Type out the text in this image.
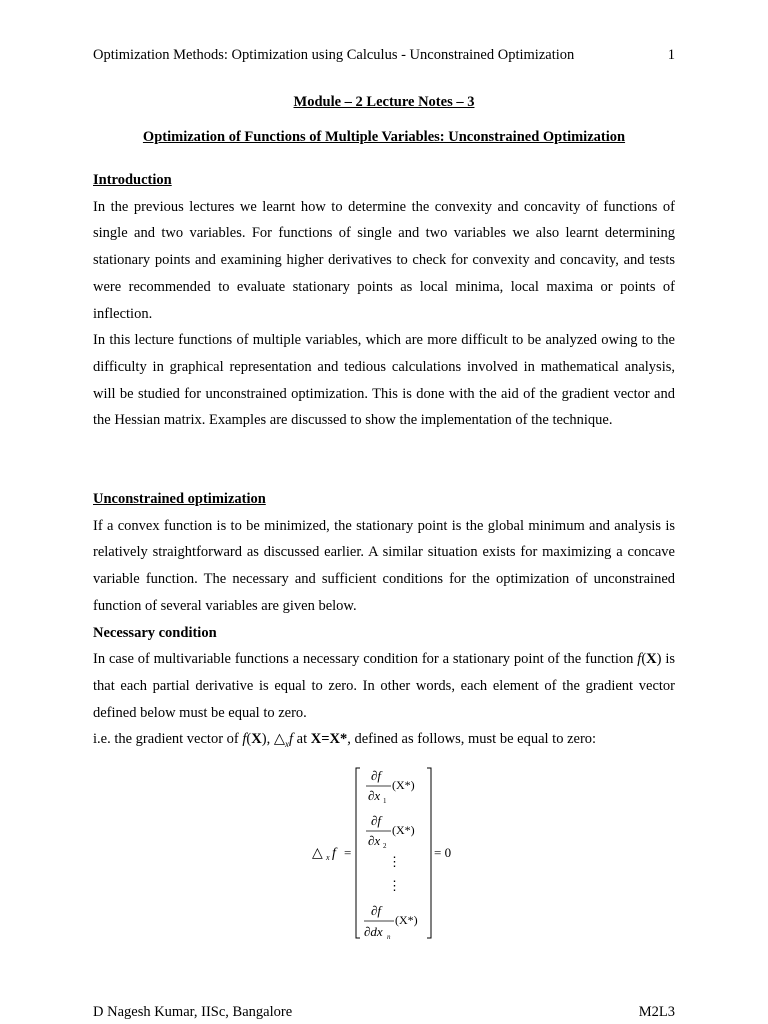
Optimization Methods: Optimization using Calculus - Unconstrained Optimization	1
Module – 2 Lecture Notes – 3
Optimization of Functions of Multiple Variables: Unconstrained Optimization

Introduction

In the previous lectures we learnt how to determine the convexity and concavity of functions of single and two variables. For functions of single and two variables we also learnt determining stationary points and examining higher derivatives to check for convexity and concavity, and tests were recommended to evaluate stationary points as local minima, local maxima or points of inflection.

In this lecture functions of multiple variables, which are more difficult to be analyzed owing to the difficulty in graphical representation and tedious calculations involved in mathematical analysis, will be studied for unconstrained optimization. This is done with the aid of the gradient vector and the Hessian matrix. Examples are discussed to show the implementation of the technique.

Unconstrained optimization

If a convex function is to be minimized, the stationary point is the global minimum and analysis is relatively straightforward as discussed earlier. A similar situation exists for maximizing a concave variable function. The necessary and sufficient conditions for the optimization of unconstrained function of several variables are given below.

Necessary condition

In case of multivariable functions a necessary condition for a stationary point of the function f(X) is that each partial derivative is equal to zero. In other words, each element of the gradient vector defined below must be equal to zero.

i.e. the gradient vector of f(X), $\triangle_xf$ at X=X*, defined as follows, must be equal to zero:

△ x f =
∂f
∂x 1
(X*)
∂f
∂x 2
(X*)
⋮
⋮
∂f
∂dx n
(X*)
= 0
D Nagesh Kumar, IISc, Bangalore	M2L3
